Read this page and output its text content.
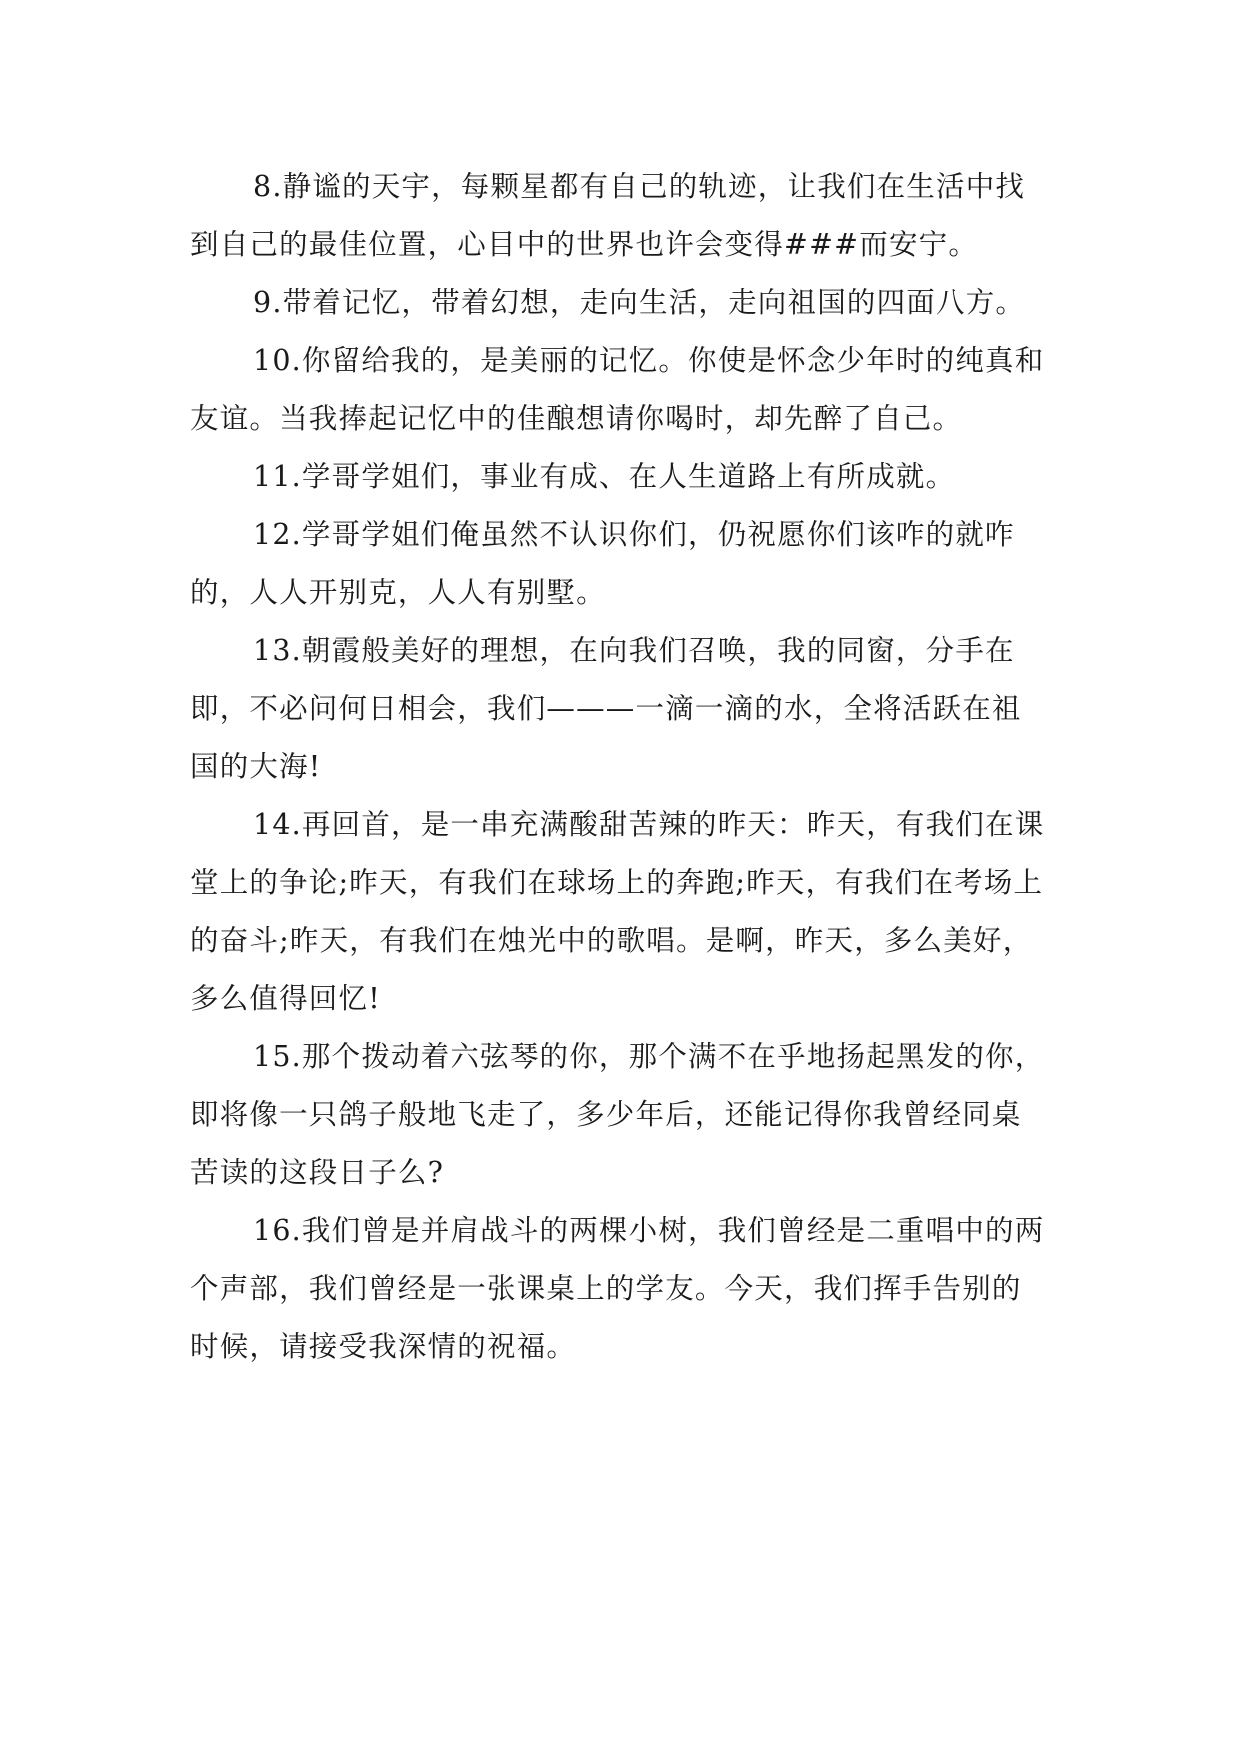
8.静谧的天宇，每颗星都有自己的轨迹，让我们在生活中找到自己的最佳位置，心目中的世界也许会变得###而安宁。

9.带着记忆，带着幻想，走向生活，走向祖国的四面八方。

10.你留给我的，是美丽的记忆。你使是怀念少年时的纯真和友谊。当我捧起记忆中的佳酿想请你喝时，却先醉了自己。

11.学哥学姐们，事业有成、在人生道路上有所成就。

12.学哥学姐们俺虽然不认识你们，仍祝愿你们该咋的就咋的，人人开别克，人人有别墅。

13.朝霞般美好的理想，在向我们召唤，我的同窗，分手在即，不必问何日相会，我们———一滴一滴的水，全将活跃在祖国的大海!

14.再回首，是一串充满酸甜苦辣的昨天：昨天，有我们在课堂上的争论;昨天，有我们在球场上的奔跑;昨天，有我们在考场上的奋斗;昨天，有我们在烛光中的歌唱。是啊，昨天，多么美好，多么值得回忆!

15.那个拨动着六弦琴的你，那个满不在乎地扬起黑发的你，即将像一只鸽子般地飞走了，多少年后，还能记得你我曾经同桌苦读的这段日子么?

16.我们曾是并肩战斗的两棵小树，我们曾经是二重唱中的两个声部，我们曾经是一张课桌上的学友。今天，我们挥手告别的时候，请接受我深情的祝福。
